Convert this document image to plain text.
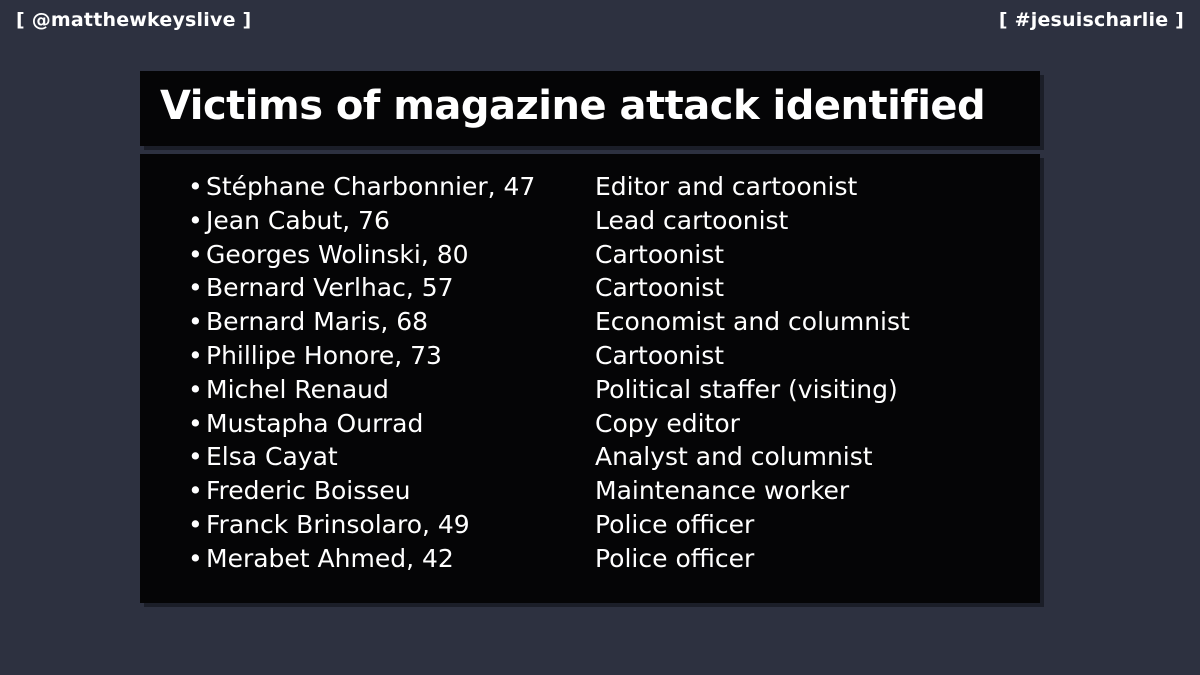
[ @matthewkeyslive ]	[ #jesuischarlie ]
Victims of magazine attack identified
• Stéphane Charbonnier, 47 Editor and cartoonist
• Jean Cabut, 76	Lead cartoonist
• Georges Wolinski, 80	Cartoonist
• Bernard Verlhac, 57	Cartoonist
• Bernard Maris, 68	Economist and columnist
• Phillipe Honore, 73	Cartoonist
• Michel Renaud	Political staffer (visiting)
• Mustapha Ourrad	Copy editor
• Elsa Cayat	Analyst and columnist
• Frederic Boisseu	Maintenance worker
• Franck Brinsolaro, 49	Police officer
• Merabet Ahmed, 42	Police officer
